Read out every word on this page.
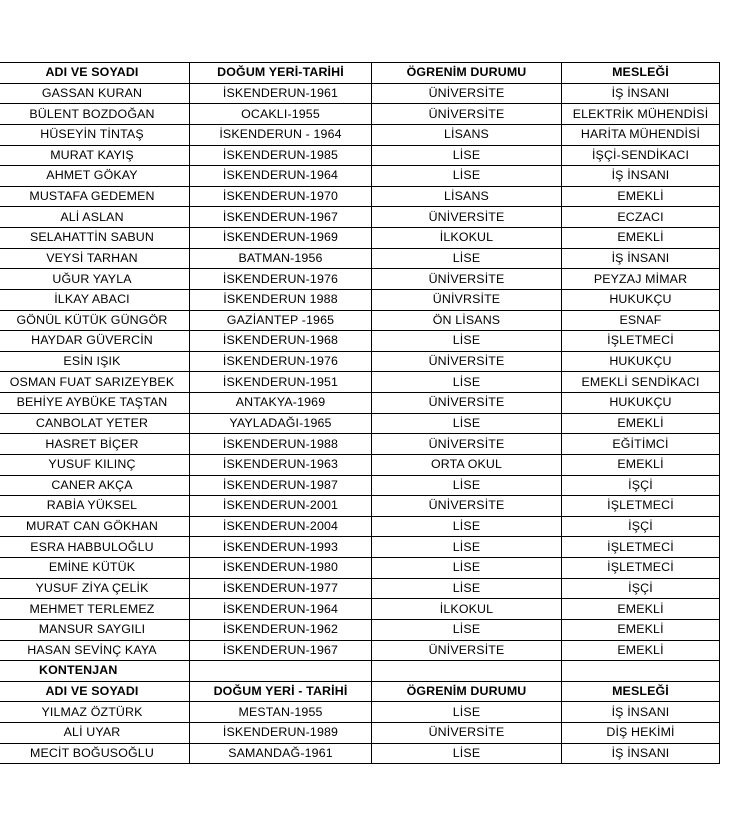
ADI VE SOYADI	DOĞUM YERİ-TARİHİ	ÖGRENİM DURUMU	MESLEĞİ
GASSAN KURAN	İSKENDERUN-1961	ÜNİVERSİTE	İŞ İNSANI
BÜLENT BOZDOĞAN	OCAKLI-1955	ÜNİVERSİTE	ELEKTRİK MÜHENDİSİ
HÜSEYİN TİNTAŞ	İSKENDERUN - 1964	LİSANS	HARİTA MÜHENDİSİ
MURAT KAYIŞ	İSKENDERUN-1985	LİSE	İŞÇİ-SENDİKACI
AHMET GÖKAY	İSKENDERUN-1964	LİSE	İŞ İNSANI
MUSTAFA GEDEMEN	İSKENDERUN-1970	LİSANS	EMEKLİ
ALİ ASLAN	İSKENDERUN-1967	ÜNİVERSİTE	ECZACI
SELAHATTİN SABUN	İSKENDERUN-1969	İLKOKUL	EMEKLİ
VEYSİ TARHAN	BATMAN-1956	LİSE	İŞ İNSANI
UĞUR YAYLA	İSKENDERUN-1976	ÜNİVERSİTE	PEYZAJ MİMAR
İLKAY ABACI	İSKENDERUN 1988	ÜNİVRSİTE	HUKUKÇU
GÖNÜL KÜTÜK GÜNGÖR	GAZİANTEP -1965	ÖN LİSANS	ESNAF
HAYDAR GÜVERCİN	İSKENDERUN-1968	LİSE	İŞLETMECİ
ESİN IŞIK	İSKENDERUN-1976	ÜNİVERSİTE	HUKUKÇU
OSMAN FUAT SARIZEYBEK	İSKENDERUN-1951	LİSE	EMEKLİ SENDİKACI
BEHİYE AYBÜKE TAŞTAN	ANTAKYA-1969	ÜNİVERSİTE	HUKUKÇU
CANBOLAT YETER	YAYLADAĞI-1965	LİSE	EMEKLİ
HASRET BİÇER	İSKENDERUN-1988	ÜNİVERSİTE	EĞİTİMCİ
YUSUF KILINÇ	İSKENDERUN-1963	ORTA OKUL	EMEKLİ
CANER AKÇA	İSKENDERUN-1987	LİSE	İŞÇİ
RABİA YÜKSEL	İSKENDERUN-2001	ÜNİVERSİTE	İŞLETMECİ
MURAT CAN GÖKHAN	İSKENDERUN-2004	LİSE	İŞÇİ
ESRA HABBULOĞLU	İSKENDERUN-1993	LİSE	İŞLETMECİ
EMİNE KÜTÜK	İSKENDERUN-1980	LİSE	İŞLETMECİ
YUSUF ZİYA ÇELİK	İSKENDERUN-1977	LİSE	İŞÇİ
MEHMET TERLEMEZ	İSKENDERUN-1964	İLKOKUL	EMEKLİ
MANSUR SAYGILI	İSKENDERUN-1962	LİSE	EMEKLİ
HASAN SEVİNÇ KAYA	İSKENDERUN-1967	ÜNİVERSİTE	EMEKLİ
KONTENJAN			
ADI VE SOYADI	DOĞUM YERİ - TARİHİ	ÖGRENİM DURUMU	MESLEĞİ
YILMAZ ÖZTÜRK	MESTAN-1955	LİSE	İŞ İNSANI
ALİ UYAR	İSKENDERUN-1989	ÜNİVERSİTE	DİŞ HEKİMİ
MECİT BOĞUSOĞLU	SAMANDAĞ-1961	LİSE	İŞ İNSANI
